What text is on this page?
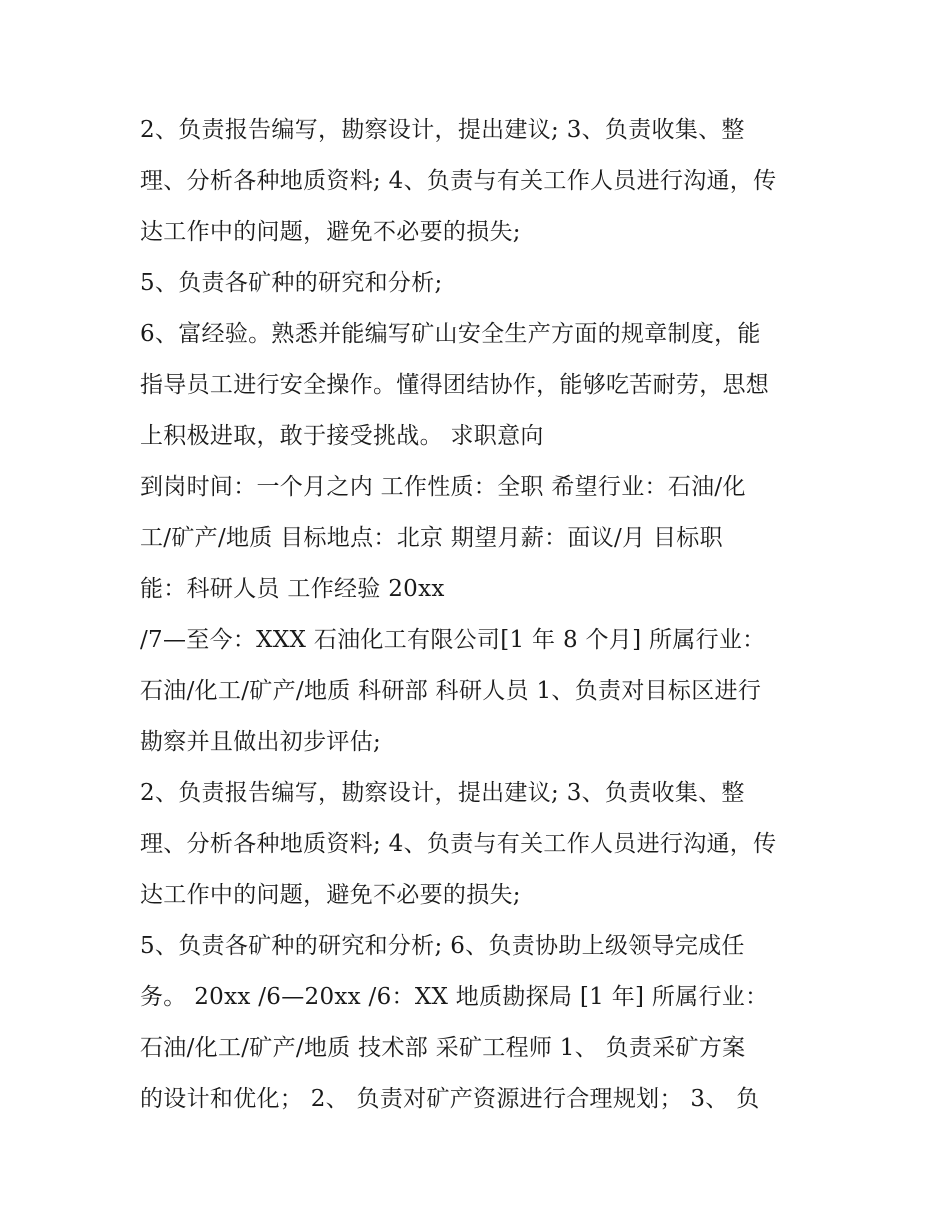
2、负责报告编写，勘察设计，提出建议; 3、负责收集、整
理、分析各种地质资料; 4、负责与有关工作人员进行沟通，传
达工作中的问题，避免不必要的损失;
5、负责各矿种的研究和分析;
6、富经验。熟悉并能编写矿山安全生产方面的规章制度，能
指导员工进行安全操作。懂得团结协作，能够吃苦耐劳，思想
上积极进取，敢于接受挑战。 求职意向
到岗时间：一个月之内 工作性质：全职 希望行业：石油/化
工/矿产/地质 目标地点：北京 期望月薪：面议/月 目标职
能：科研人员 工作经验 20xx
/7—至今：XXX 石油化工有限公司[1 年 8 个月] 所属行业：
石油/化工/矿产/地质 科研部 科研人员 1、负责对目标区进行
勘察并且做出初步评估;
2、负责报告编写，勘察设计，提出建议; 3、负责收集、整
理、分析各种地质资料; 4、负责与有关工作人员进行沟通，传
达工作中的问题，避免不必要的损失;
5、负责各矿种的研究和分析; 6、负责协助上级领导完成任
务。 20xx /6—20xx /6：XX 地质勘探局 [1 年] 所属行业：
石油/化工/矿产/地质 技术部 采矿工程师 1、 负责采矿方案
的设计和优化； 2、 负责对矿产资源进行合理规划； 3、 负
